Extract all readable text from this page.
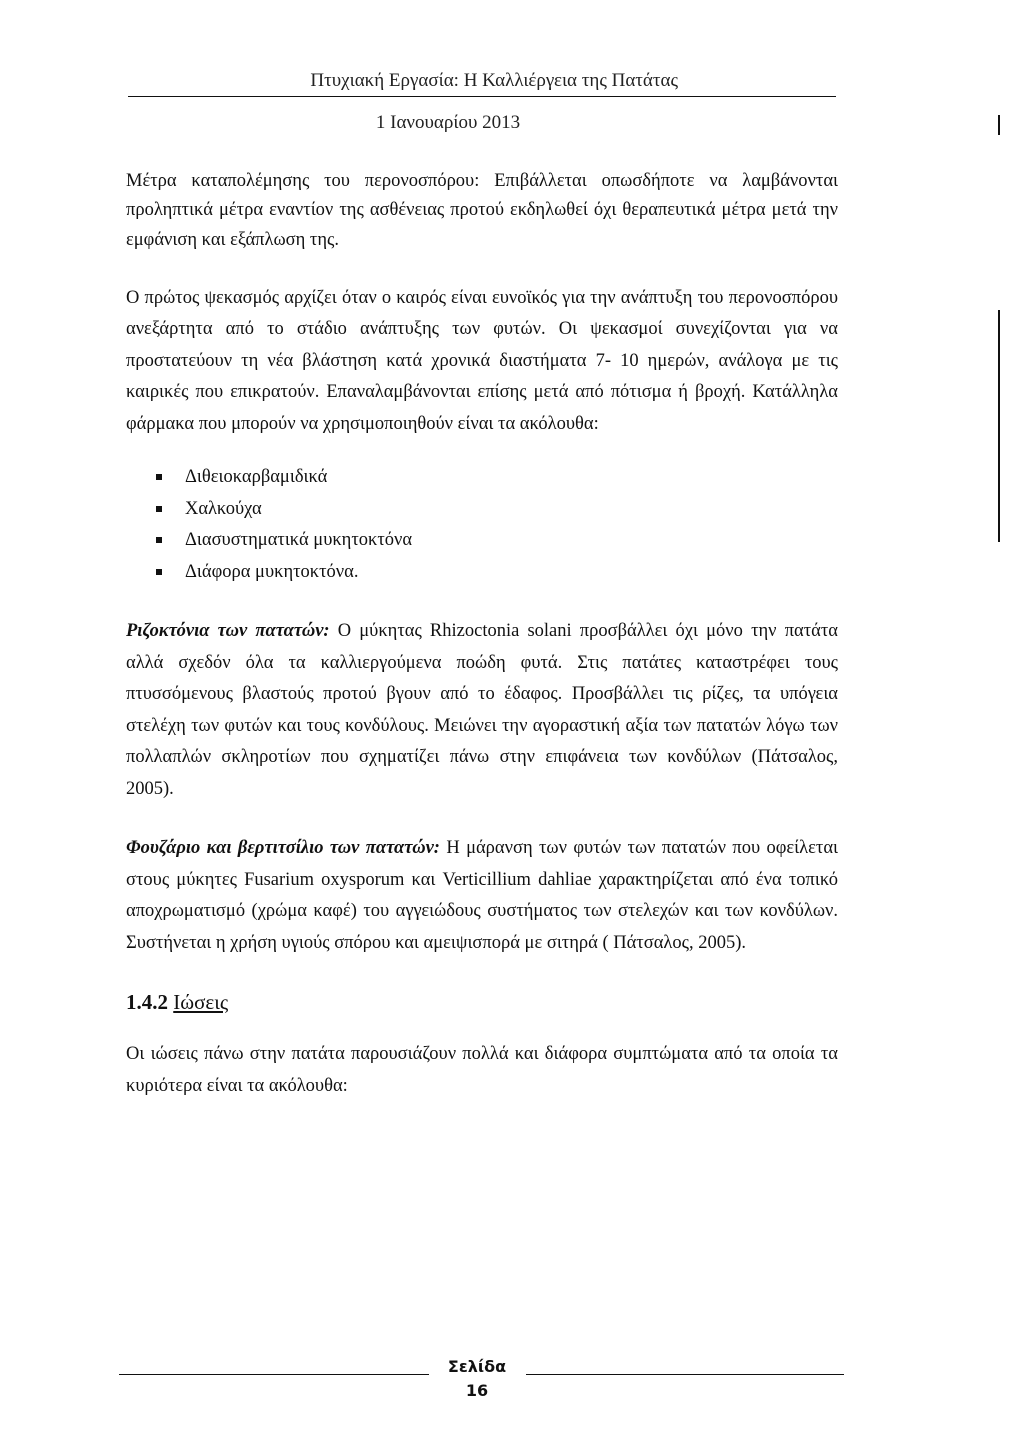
Πτυχιακή Εργασία: Η Καλλιέργεια της Πατάτας
1 Ιανουαρίου 2013

Μέτρα καταπολέμησης του περονοσπόρου: Επιβάλλεται οπωσδήποτε να λαμβάνονται προληπτικά μέτρα εναντίον της ασθένειας προτού εκδηλωθεί όχι θεραπευτικά μέτρα μετά την εμφάνιση και εξάπλωση της.

Ο πρώτος ψεκασμός αρχίζει όταν ο καιρός είναι ευνοϊκός για την ανάπτυξη του περονοσπόρου ανεξάρτητα από το στάδιο ανάπτυξης των φυτών. Οι ψεκασμοί συνεχίζονται για να προστατεύουν τη νέα βλάστηση κατά χρονικά διαστήματα 7- 10 ημερών, ανάλογα με τις καιρικές που επικρατούν. Επαναλαμβάνονται επίσης μετά από πότισμα ή βροχή. Κατάλληλα φάρμακα που μπορούν να χρησιμοποιηθούν είναι τα ακόλουθα:

Διθειοκαρβαμιδικά
Χαλκούχα
Διασυστηματικά μυκητοκτόνα
Διάφορα μυκητοκτόνα.

Ριζοκτόνια των πατατών: Ο μύκητας Rhizoctonia solani προσβάλλει όχι μόνο την πατάτα αλλά σχεδόν όλα τα καλλιεργούμενα ποώδη φυτά. Στις πατάτες καταστρέφει τους πτυσσόμενους βλαστούς προτού βγουν από το έδαφος. Προσβάλλει τις ρίζες, τα υπόγεια στελέχη των φυτών και τους κονδύλους. Μειώνει την αγοραστική αξία των πατατών λόγω των πολλαπλών σκληροτίων που σχηματίζει πάνω στην επιφάνεια των κονδύλων (Πάτσαλος, 2005).

Φουζάριο και βερτιτσίλιο των πατατών: Η μάρανση των φυτών των πατατών που οφείλεται στους μύκητες Fusarium oxysporum και Verticillium dahliae χαρακτηρίζεται από ένα τοπικό αποχρωματισμό (χρώμα καφέ) του αγγειώδους συστήματος των στελεχών και των κονδύλων. Συστήνεται η χρήση υγιούς σπόρου και αμειψισπορά με σιτηρά ( Πάτσαλος, 2005).

1.4.2 Ιώσεις

Οι ιώσεις πάνω στην πατάτα παρουσιάζουν πολλά και διάφορα συμπτώματα από τα οποία τα κυριότερα είναι τα ακόλουθα:

Σελίδα
16
